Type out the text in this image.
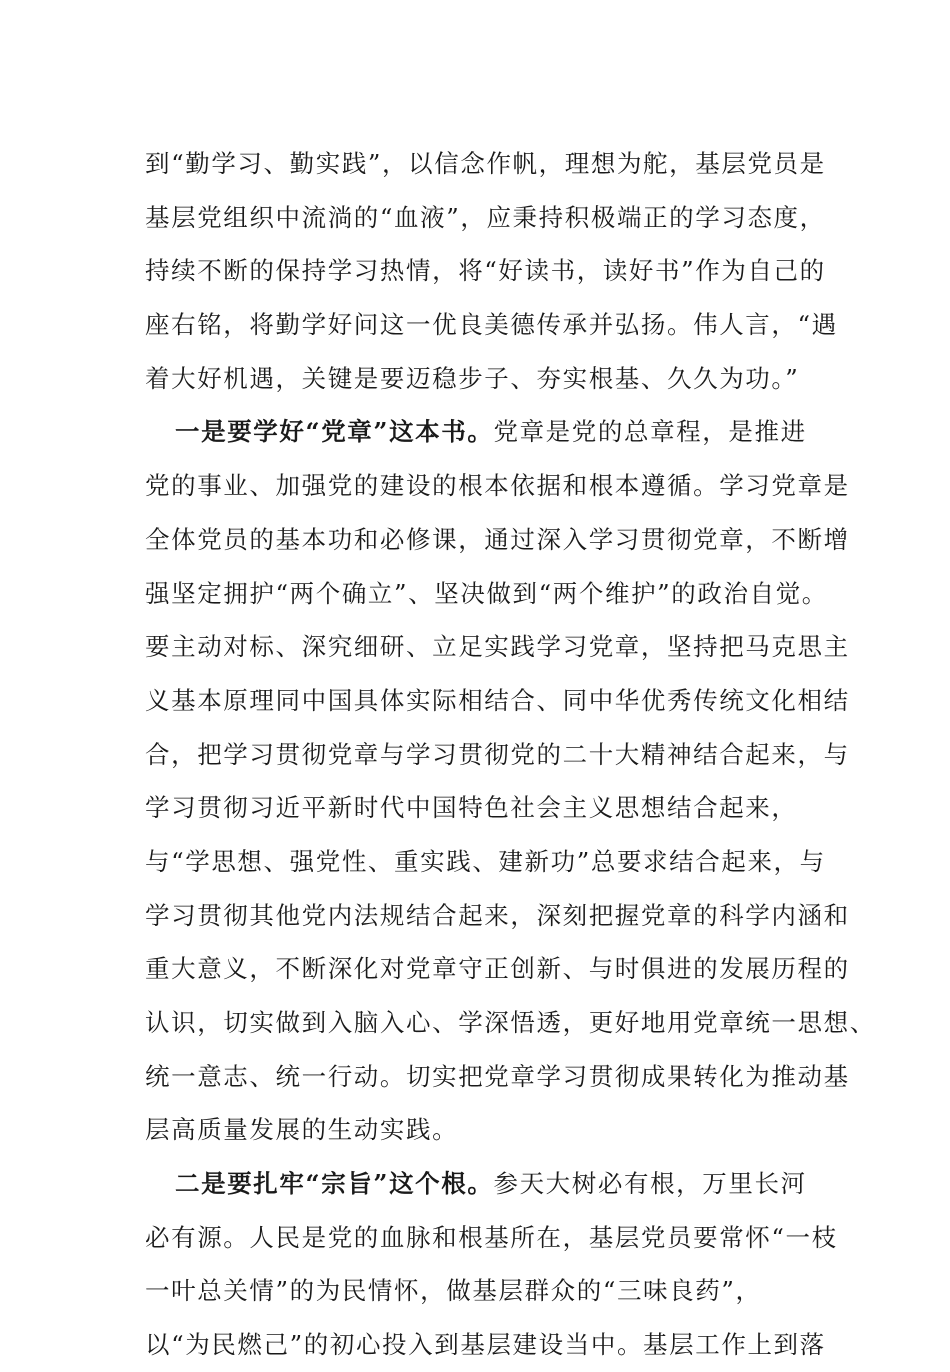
到“勤学习、勤实践”，以信念作帆，理想为舵，基层党员是
基层党组织中流淌的“血液”，应秉持积极端正的学习态度，
持续不断的保持学习热情，将“好读书，读好书”作为自己的
座右铭，将勤学好问这一优良美德传承并弘扬。伟人言，“遇
着大好机遇，关键是要迈稳步子、夯实根基、久久为功。”
一是要学好“党章”这本书。党章是党的总章程，是推进
党的事业、加强党的建设的根本依据和根本遵循。学习党章是
全体党员的基本功和必修课，通过深入学习贯彻党章，不断增
强坚定拥护“两个确立”、坚决做到“两个维护”的政治自觉。
要主动对标、深究细研、立足实践学习党章，坚持把马克思主
义基本原理同中国具体实际相结合、同中华优秀传统文化相结
合，把学习贯彻党章与学习贯彻党的二十大精神结合起来，与
学习贯彻习近平新时代中国特色社会主义思想结合起来，
与“学思想、强党性、重实践、建新功”总要求结合起来，与
学习贯彻其他党内法规结合起来，深刻把握党章的科学内涵和
重大意义，不断深化对党章守正创新、与时俱进的发展历程的
认识，切实做到入脑入心、学深悟透，更好地用党章统一思想、
统一意志、统一行动。切实把党章学习贯彻成果转化为推动基
层高质量发展的生动实践。
二是要扎牢“宗旨”这个根。参天大树必有根，万里长河
必有源。人民是党的血脉和根基所在，基层党员要常怀“一枝
一叶总关情”的为民情怀，做基层群众的“三味良药”，
以“为民燃己”的初心投入到基层建设当中。基层工作上到落
